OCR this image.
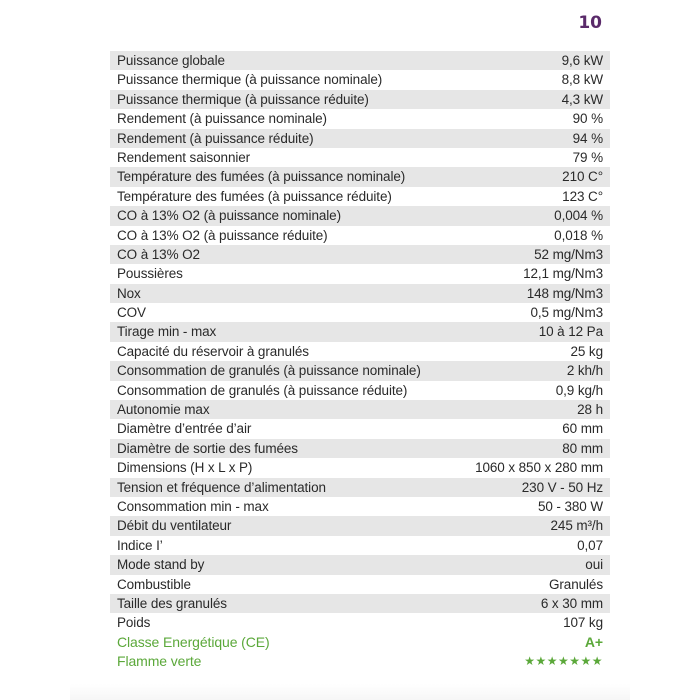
10
Puissance globale	9,6 kW
Puissance thermique (à puissance nominale)	8,8 kW
Puissance thermique (à puissance réduite)	4,3 kW
Rendement (à puissance nominale)	90 %
Rendement (à puissance réduite)	94 %
Rendement saisonnier	79 %
Température des fumées (à puissance nominale)	210 C°
Température des fumées (à puissance réduite)	123 C°
CO à 13% O2 (à puissance nominale)	0,004 %
CO à 13% O2 (à puissance réduite)	0,018 %
CO à 13% O2	52 mg/Nm3
Poussières	12,1 mg/Nm3
Nox	148 mg/Nm3
COV	0,5 mg/Nm3
Tirage min - max	10 à 12 Pa
Capacité du réservoir à granulés	25 kg
Consommation de granulés (à puissance nominale)	2 kh/h
Consommation de granulés (à puissance réduite)	0,9 kg/h
Autonomie max	28 h
Diamètre d’entrée d’air	60 mm
Diamètre de sortie des fumées	80 mm
Dimensions (H x L x P)	1060 x 850 x 280 mm
Tension et fréquence d’alimentation	230 V - 50 Hz
Consommation min - max	50 - 380 W
Débit du ventilateur	245 m³/h
Indice I’	0,07
Mode stand by	oui
Combustible	Granulés
Taille des granulés	6 x 30 mm
Poids	107 kg
Classe Energétique (CE)	A+
Flamme verte	★★★★★★★
